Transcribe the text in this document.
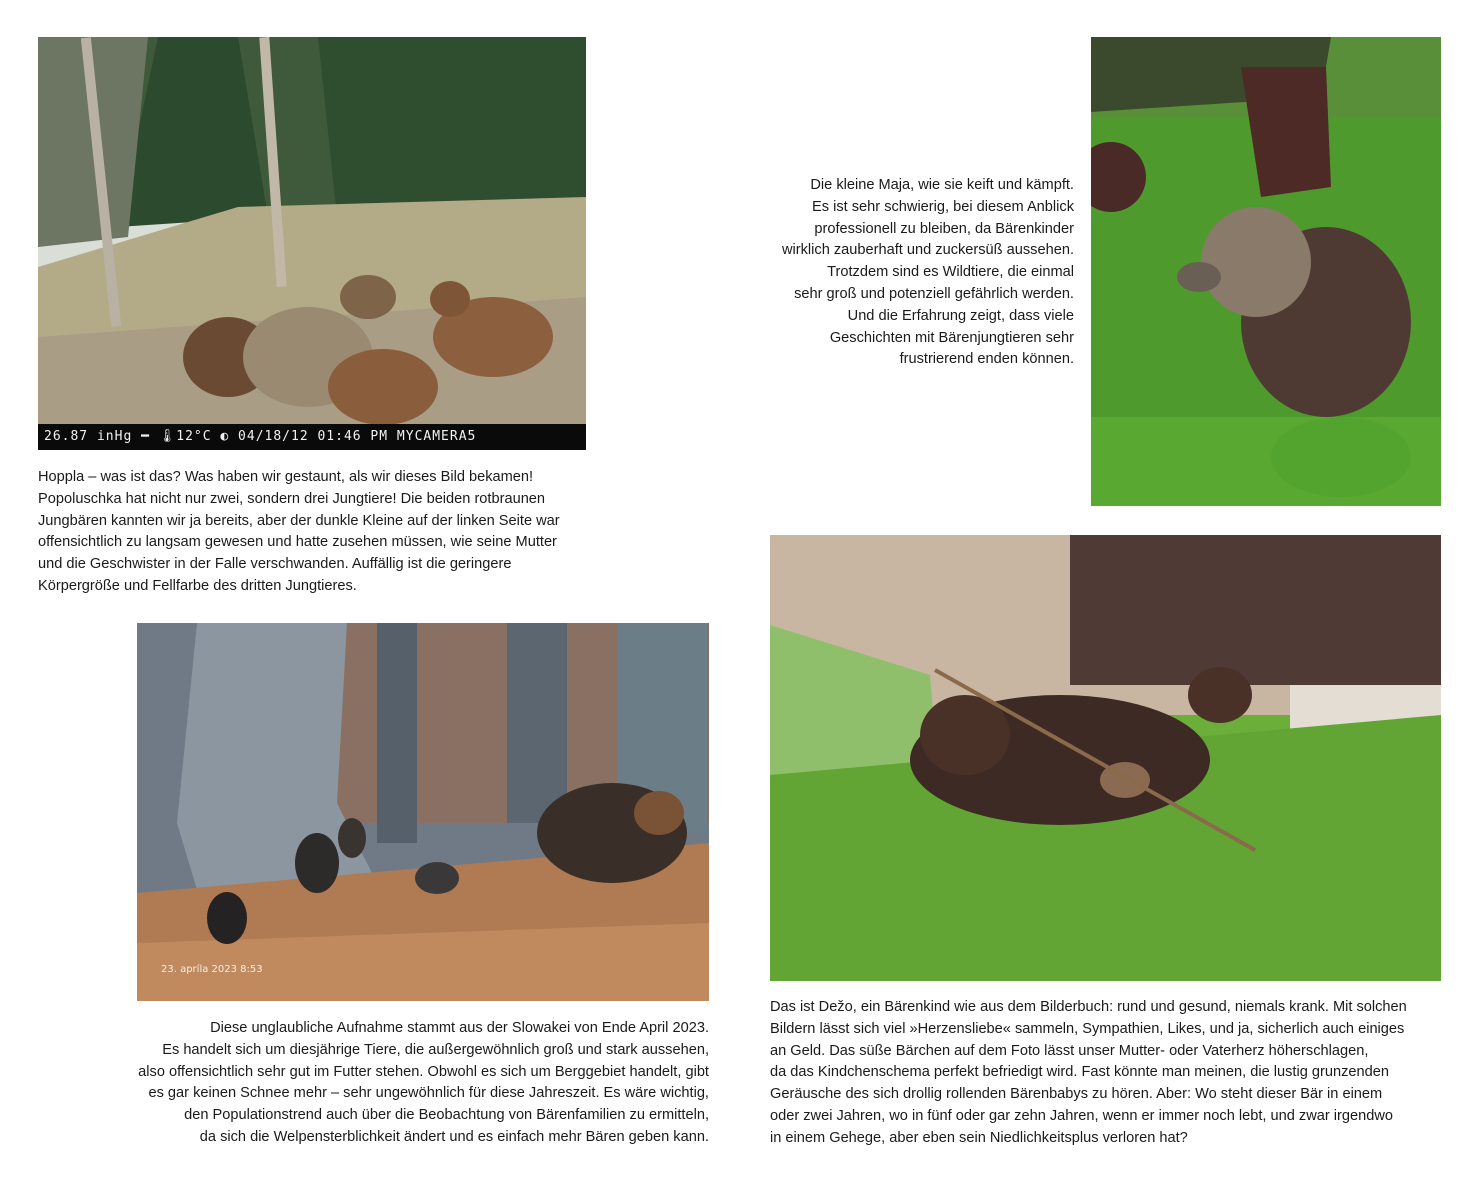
26.87 inHg ━ 🌡12°C ◐ 04/18/12 01:46 PM MYCAMERA5

Hoppla – was ist das? Was haben wir gestaunt, als wir dieses Bild bekamen!
Popoluschka hat nicht nur zwei, sondern drei Jungtiere! Die beiden rotbraunen
Jungbären kannten wir ja bereits, aber der dunkle Kleine auf der linken Seite war
offensichtlich zu langsam gewesen und hatte zusehen müssen, wie seine Mutter
und die Geschwister in der Falle verschwanden. Auffällig ist die geringere
Körpergröße und Fellfarbe des dritten Jungtieres.

Die kleine Maja, wie sie keift und kämpft.
Es ist sehr schwierig, bei diesem Anblick
professionell zu bleiben, da Bärenkinder
wirklich zauberhaft und zuckersüß aussehen.
Trotzdem sind es Wildtiere, die einmal
sehr groß und potenziell gefährlich werden.
Und die Erfahrung zeigt, dass viele
Geschichten mit Bärenjungtieren sehr
frustrierend enden können.

23. apríla 2023 8:53

Diese unglaubliche Aufnahme stammt aus der Slowakei von Ende April 2023.
Es handelt sich um diesjährige Tiere, die außergewöhnlich groß und stark aussehen,
also offensichtlich sehr gut im Futter stehen. Obwohl es sich um Berggebiet handelt, gibt
es gar keinen Schnee mehr – sehr ungewöhnlich für diese Jahreszeit. Es wäre wichtig,
den Populationstrend auch über die Beobachtung von Bärenfamilien zu ermitteln,
da sich die Welpensterblichkeit ändert und es einfach mehr Bären geben kann.

Das ist Dežo, ein Bärenkind wie aus dem Bilderbuch: rund und gesund, niemals krank. Mit solchen
Bildern lässt sich viel »Herzensliebe« sammeln, Sympathien, Likes, und ja, sicherlich auch einiges
an Geld. Das süße Bärchen auf dem Foto lässt unser Mutter- oder Vaterherz höherschlagen,
da das Kindchenschema perfekt befriedigt wird. Fast könnte man meinen, die lustig grunzenden
Geräusche des sich drollig rollenden Bärenbabys zu hören. Aber: Wo steht dieser Bär in einem
oder zwei Jahren, wo in fünf oder gar zehn Jahren, wenn er immer noch lebt, und zwar irgendwo
in einem Gehege, aber eben sein Niedlichkeitsplus verloren hat?
